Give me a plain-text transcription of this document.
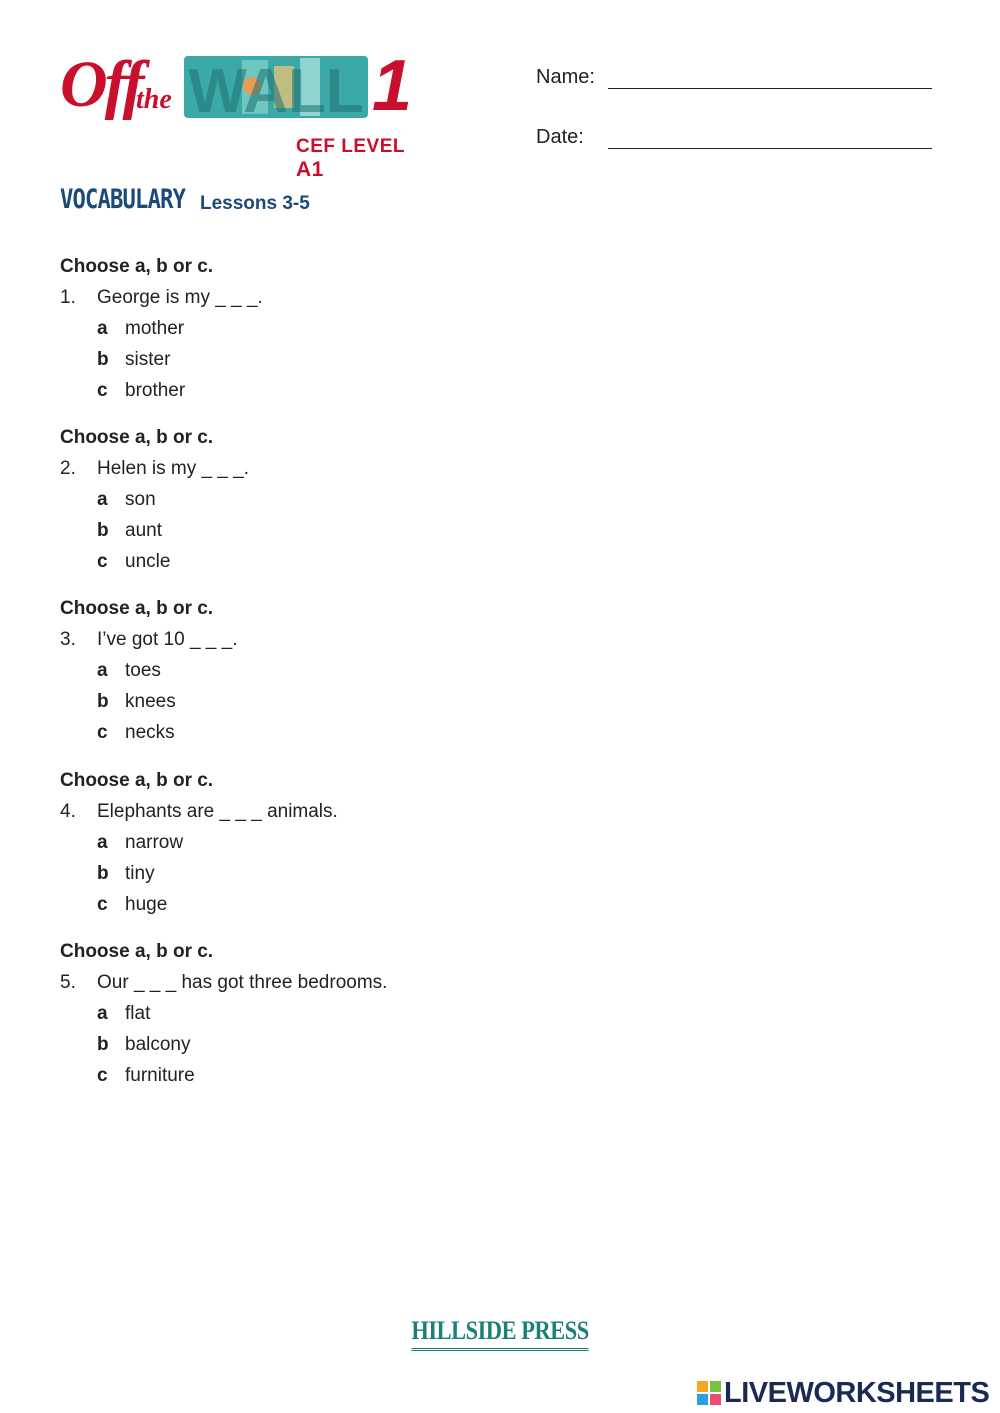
Off
the WALL 1
CEF LEVEL A1
Name:
Date:
VOCABULARY Lessons 3-5
Choose a, b or c.
1. George is my _ _ _.
a mother
b sister
c brother
Choose a, b or c.
2. Helen is my _ _ _.
a son
b aunt
c uncle
Choose a, b or c.
3. I’ve got 10 _ _ _.
a toes
b knees
c necks
Choose a, b or c.
4. Elephants are _ _ _ animals.
a narrow
b tiny
c huge
Choose a, b or c.
5. Our _ _ _ has got three bedrooms.
a flat
b balcony
c furniture
HILLSIDE PRESS
LIVEWORKSHEETS
